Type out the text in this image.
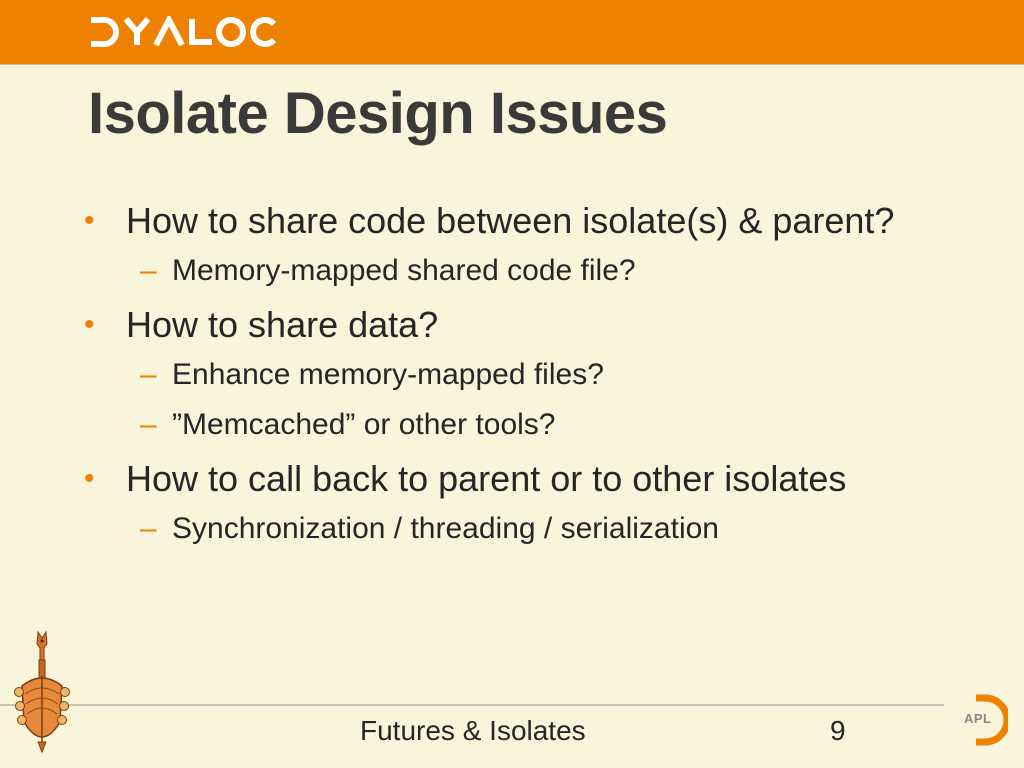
Isolate Design Issues
• How to share code between isolate(s) & parent?
– Memory-mapped shared code file?
• How to share data?
– Enhance memory-mapped files?
– ”Memcached” or other tools?
• How to call back to parent or to other isolates
– Synchronization / threading / serialization
Futures & Isolates	9	APL
